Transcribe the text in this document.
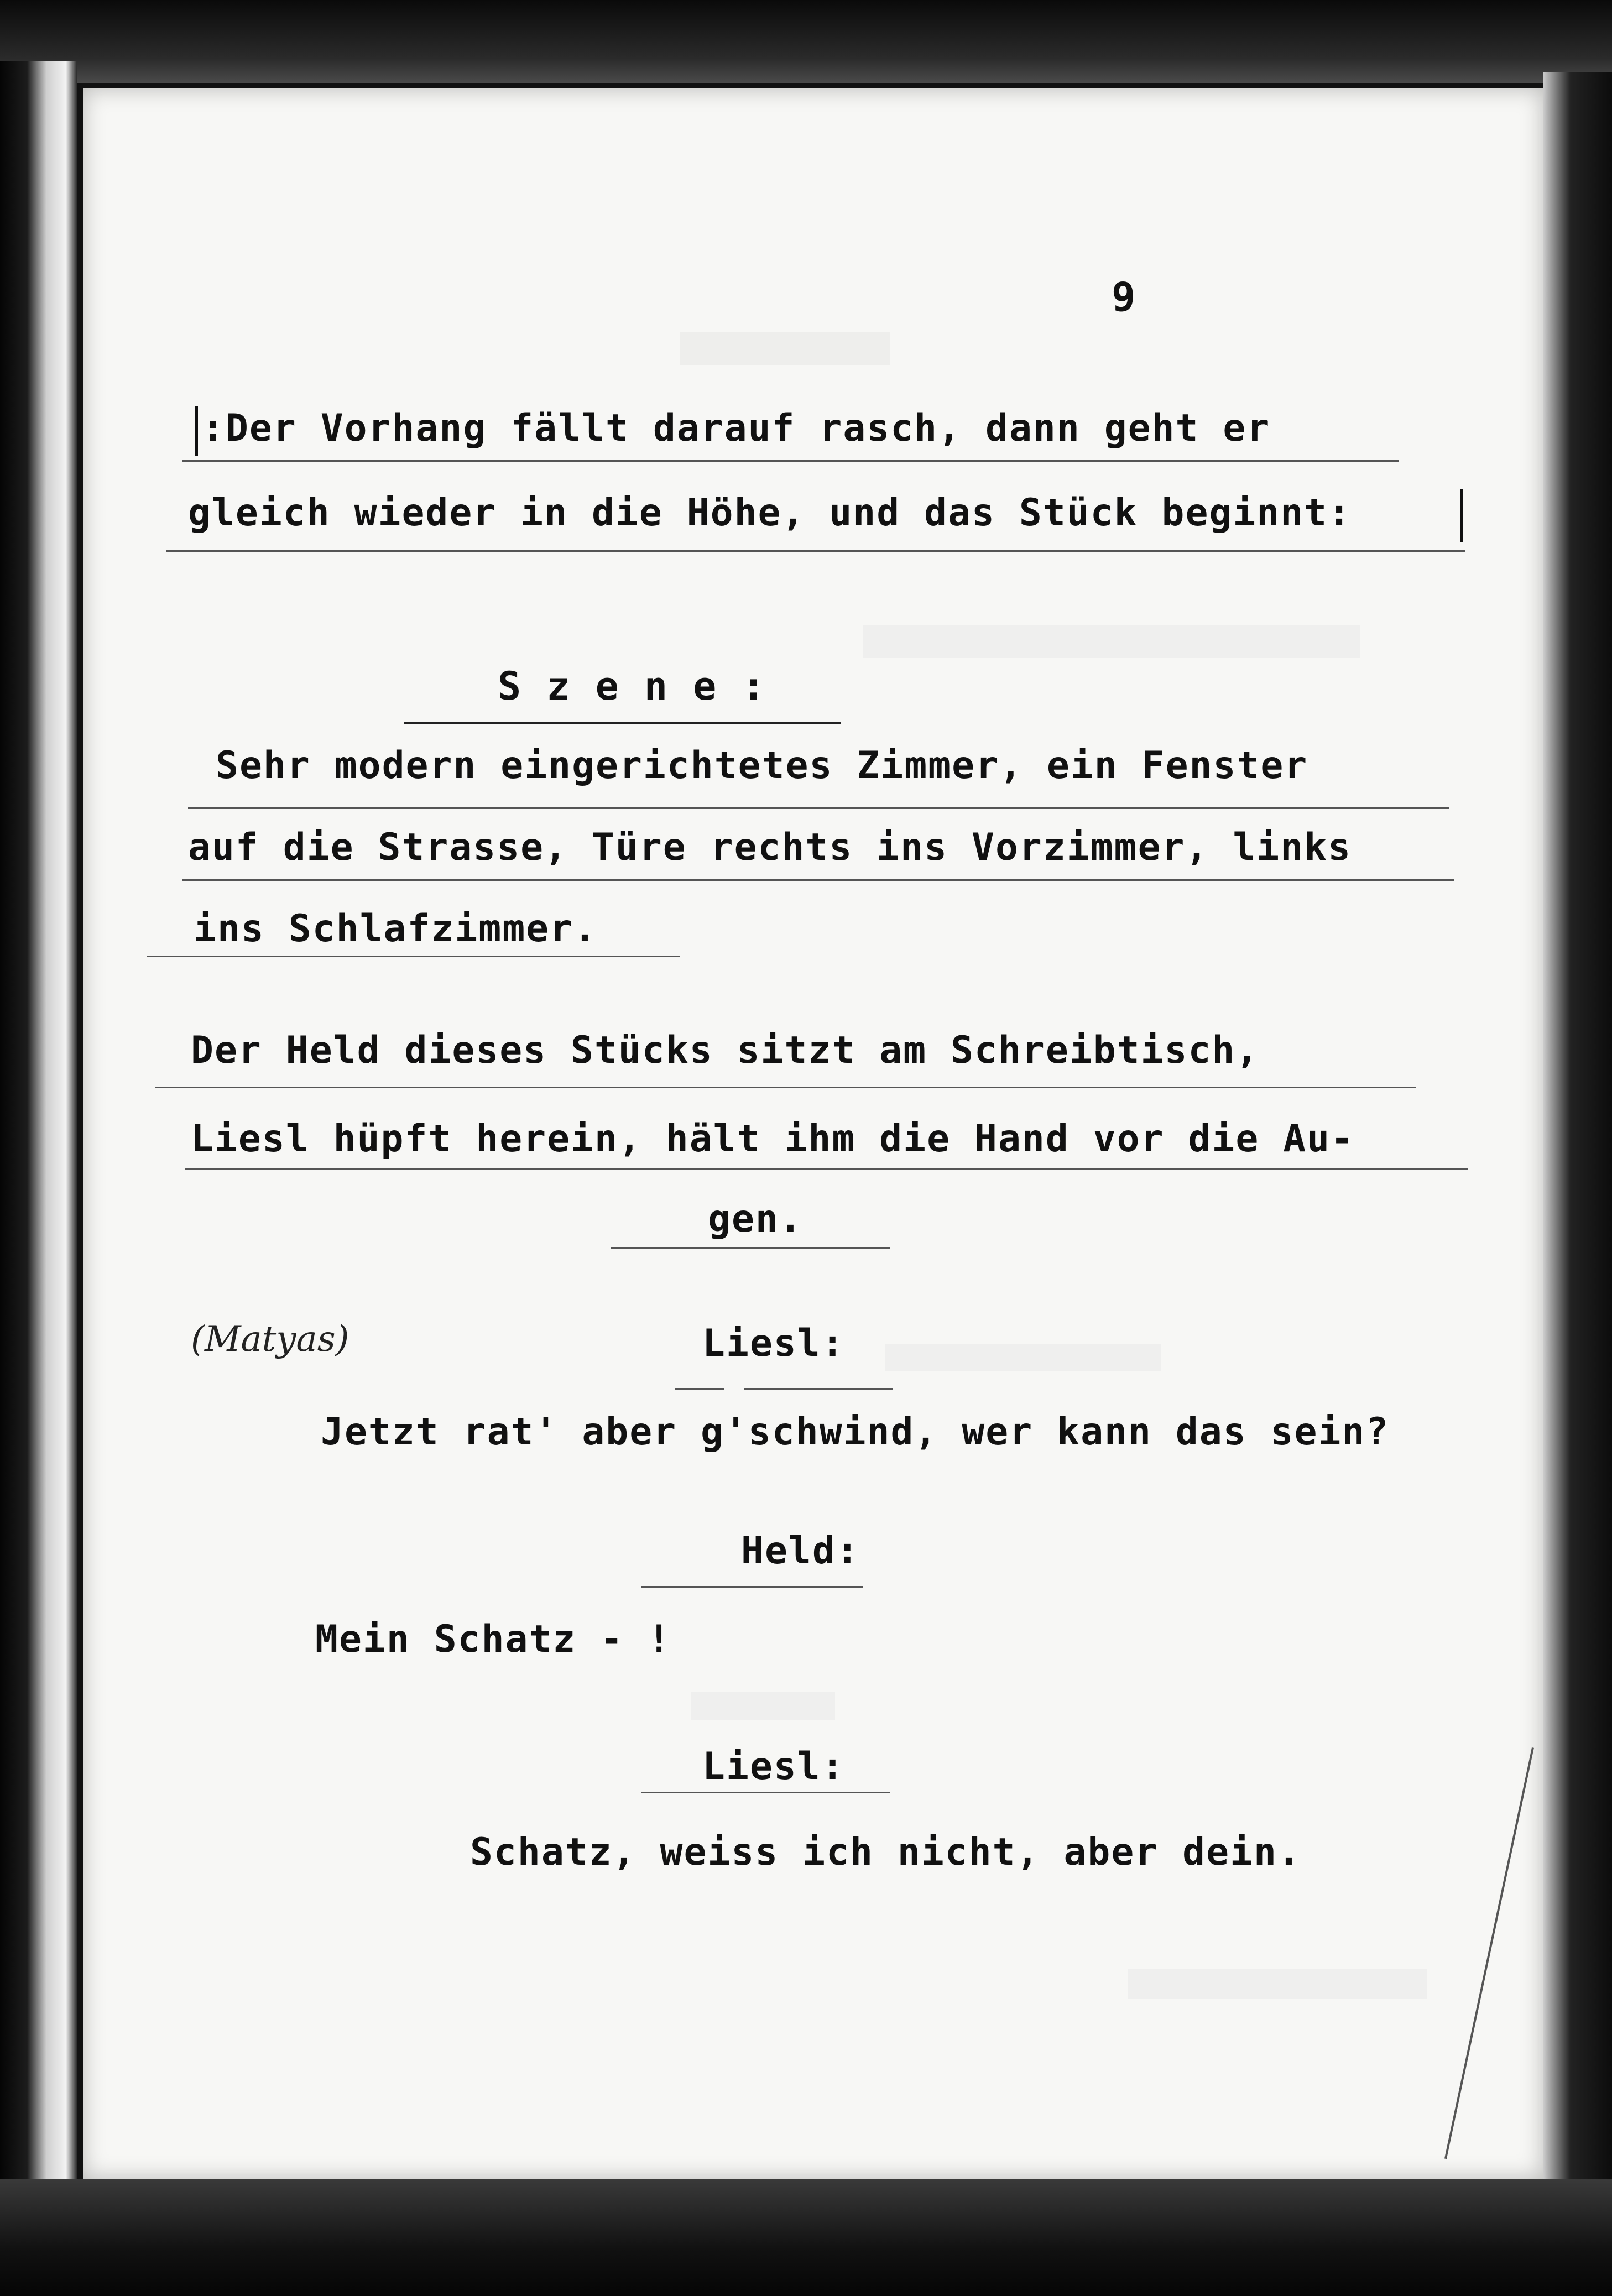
9
:Der Vorhang fällt darauf rasch, dann geht er
gleich wieder in die Höhe, und das Stück beginnt:
S z e n e :
Sehr modern eingerichtetes Zimmer, ein Fenster
auf die Strasse, Türe rechts ins Vorzimmer, links
ins Schlafzimmer.
Der Held dieses Stücks sitzt am Schreibtisch,
Liesl hüpft herein, hält ihm die Hand vor die Au-
gen.
(Matyas)	Liesl:
Jetzt rat' aber g'schwind, wer kann das sein?
Held:
Mein Schatz - !
Liesl:
Schatz, weiss ich nicht, aber dein.
